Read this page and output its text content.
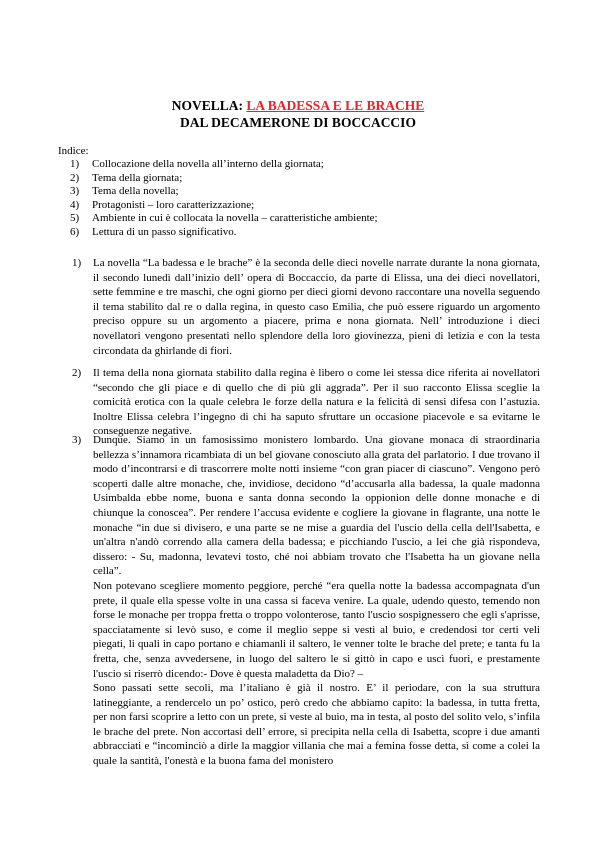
NOVELLA: LA BADESSA E LE BRACHE
DAL DECAMERONE DI BOCCACCIO
Indice:
1) Collocazione della novella all’interno della giornata;
2) Tema della giornata;
3) Tema della novella;
4) Protagonisti – loro caratterizzazione;
5) Ambiente in cui è collocata la novella – caratteristiche ambiente;
6) Lettura di un passo significativo.
1) La novella “La badessa e le brache” è la seconda delle dieci novelle narrate durante la nona giornata, il secondo lunedì dall’inizio dell’ opera di Boccaccio, da parte di Elissa, una dei dieci novellatori, sette femmine e tre maschi, che ogni giorno per dieci giorni devono raccontare una novella seguendo il tema stabilito dal re o dalla regina, in questo caso Emilia, che può essere riguardo un argomento preciso oppure su un argomento a piacere, prima e nona giornata. Nell’ introduzione i dieci novellatori vengono presentati nello splendore della loro giovinezza, pieni di letizia e con la testa circondata da ghirlande di fiori.

2) Il tema della nona giornata stabilito dalla regina è libero o come lei stessa dice riferita ai novellatori “secondo che gli piace e di quello che di più gli aggrada”. Per il suo racconto Elissa sceglie la comicità erotica con la quale celebra le forze della natura e la felicità di sensi difesa con l’astuzia. Inoltre Elissa celebra l’ingegno di chi ha saputo sfruttare un occasione piacevole e sa evitarne le conseguenze negative.

3) Dunque. Siamo in un famosissimo monistero lombardo. Una giovane monaca di straordinaria bellezza s’innamora ricambiata di un bel giovane conosciuto alla grata del parlatorio. I due trovano il modo d’incontrarsi e di trascorrere molte notti insieme “con gran piacer di ciascuno”. Vengono però scoperti dalle altre monache, che, invidiose, decidono “d’accusarla alla badessa, la quale madonna Usimbalda ebbe nome, buona e santa donna secondo la oppionion delle donne monache e di chiunque la conoscea”. Per rendere l’accusa evidente e cogliere la giovane in flagrante, una notte le monache “in due si divisero, e una parte se ne mise a guardia del l'uscio della cella dell'Isabetta, e un'altra n'andò correndo alla camera della badessa; e picchiando l'uscio, a lei che già rispondeva, dissero: - Su, madonna, levatevi tosto, ché noi abbiam trovato che l'Isabetta ha un giovane nella cella”.

Non potevano scegliere momento peggiore, perché “era quella notte la badessa accompagnata d'un prete, il quale ella spesse volte in una cassa si faceva venire. La quale, udendo questo, temendo non forse le monache per troppa fretta o troppo volonterose, tanto l'uscio sospignessero che egli s'aprisse, spacciatamente si levò suso, e come il meglio seppe si vestì al buio, e credendosi tor certi veli piegati, li quali in capo portano e chiamanli il saltero, le venner tolte le brache del prete; e tanta fu la fretta, che, senza avvedersene, in luogo del saltero le si gittò in capo e uscì fuori, e prestamente l'uscio si riserrò dicendo:- Dove è questa maladetta da Dio? –

Sono passati sette secoli, ma l’italiano è già il nostro. E’ il periodare, con la sua struttura latineggiante, a rendercelo un po’ ostico, però credo che abbiamo capito: la badessa, in tutta fretta, per non farsi scoprire a letto con un prete, si veste al buio, ma in testa, al posto del solito velo, s’infila le brache del prete. Non accortasi dell’ errore, si precipita nella cella di Isabetta, scopre i due amanti abbracciati e “incominciò a dirle la maggior villania che mai a femina fosse detta, sì come a colei la quale la santità, l'onestà e la buona fama del monistero
